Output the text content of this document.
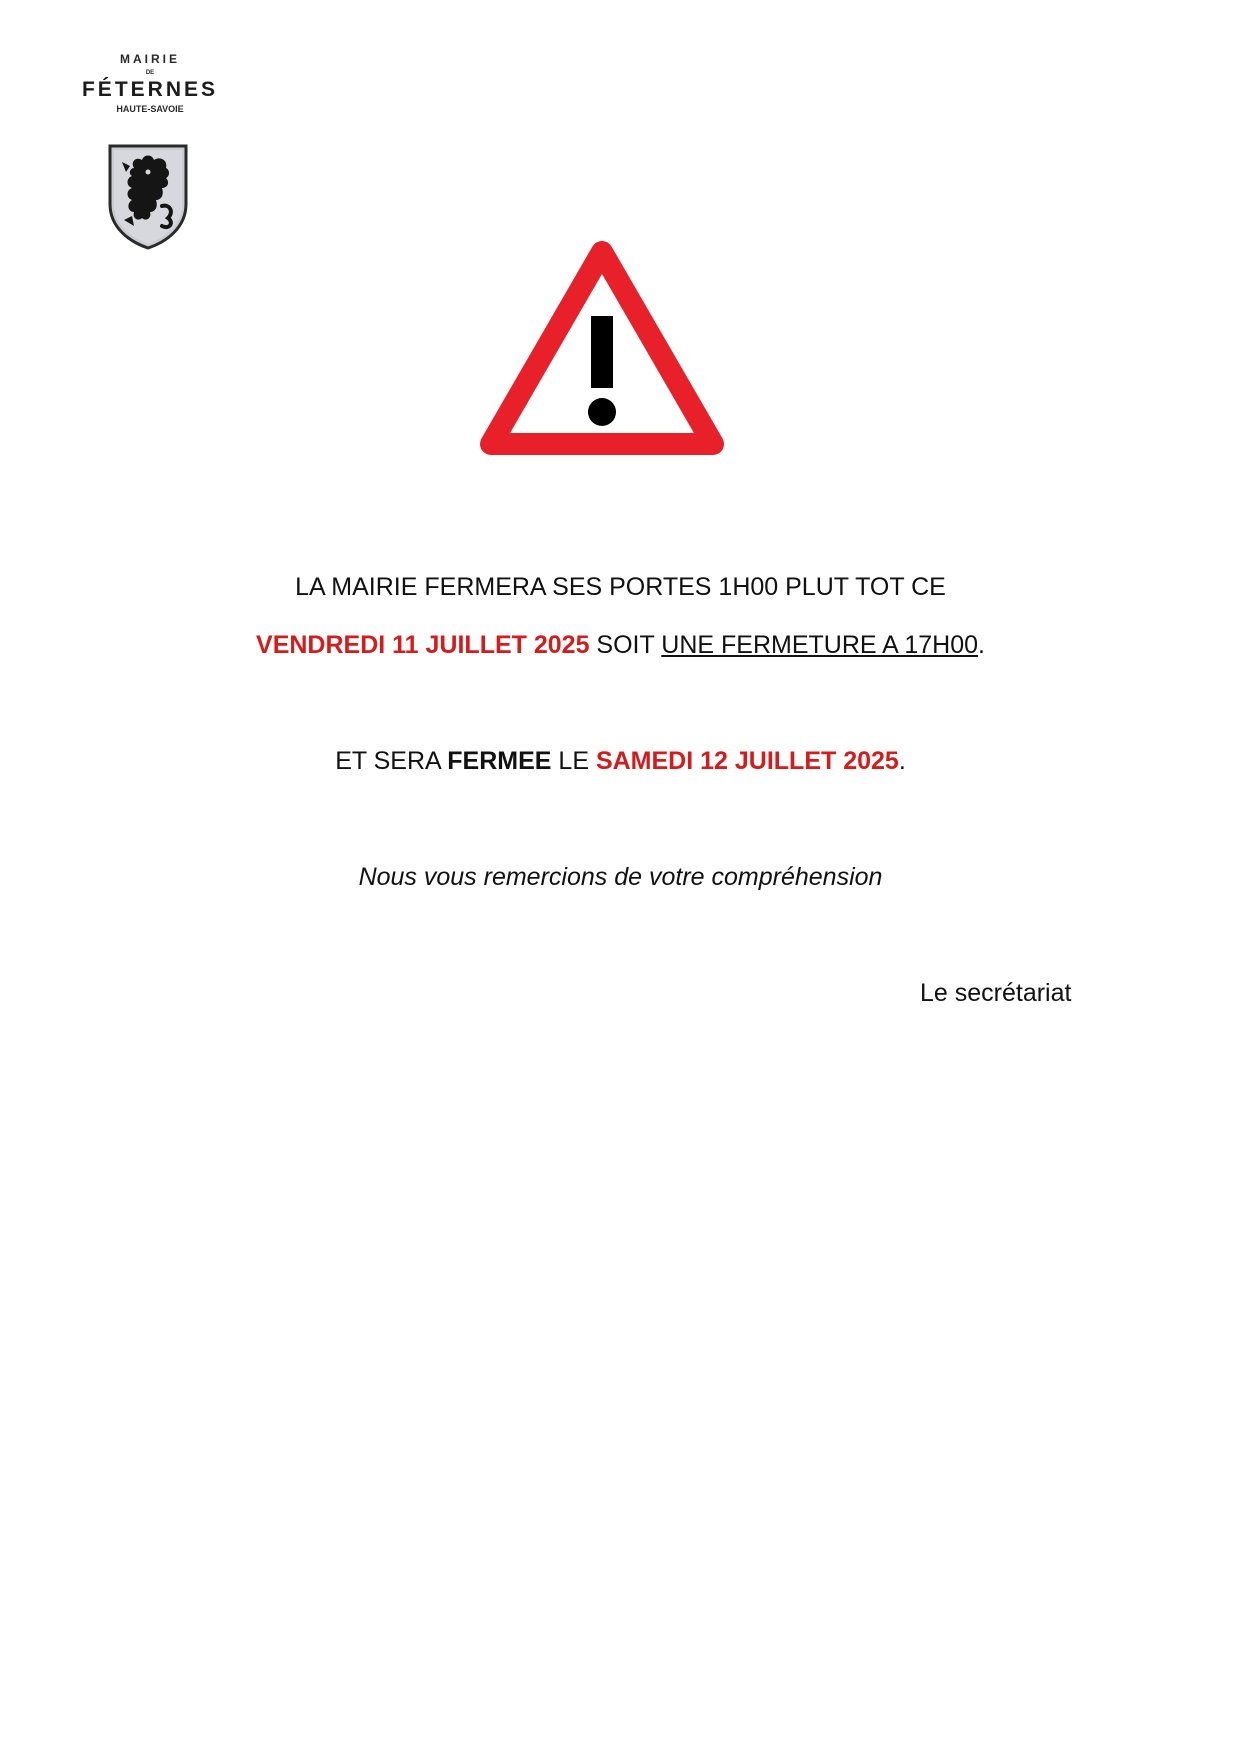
MAIRIE
DE
FÉTERNES
HAUTE-SAVOIE
LA MAIRIE FERMERA SES PORTES 1H00 PLUT TOT CE
VENDREDI 11 JUILLET 2025 SOIT UNE FERMETURE A 17H00.
ET SERA FERMEE LE SAMEDI 12 JUILLET 2025.
Nous vous remercions de votre compréhension
Le secrétariat
